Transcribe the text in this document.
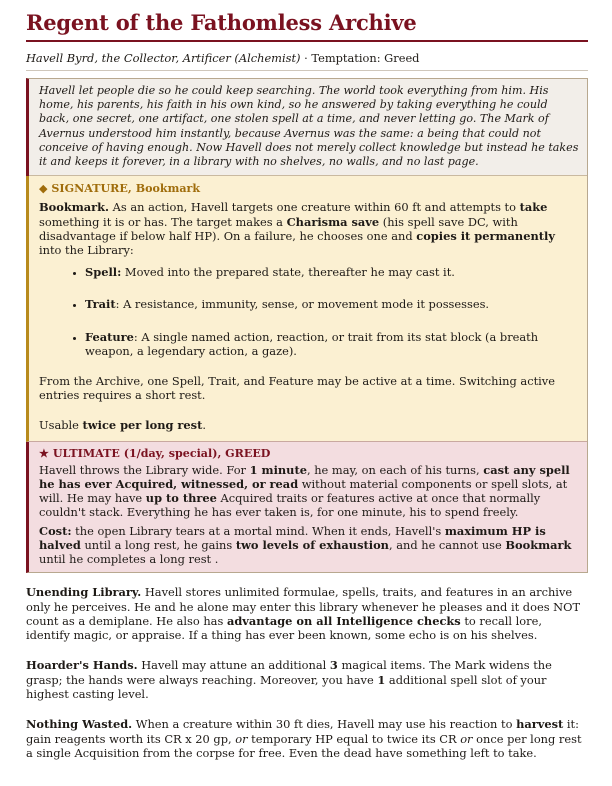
Regent of the Fathomless Archive
Havell Byrd, the Collector, Artificer (Alchemist) · Temptation: Greed
Havell let people die so he could keep searching. The world took everything from him. His home, his parents, his faith in his own kind, so he answered by taking everything he could back, one secret, one artifact, one stolen spell at a time, and never letting go. The Mark of Avernus understood him instantly, because Avernus was the same: a being that could not conceive of having enough. Now Havell does not merely collect knowledge but instead he takes it and keeps it forever, in a library with no shelves, no walls, and no last page.
◆ SIGNATURE, Bookmark

Bookmark. As an action, Havell targets one creature within 60 ft and attempts to take something it is or has. The target makes a Charisma save (his spell save DC, with disadvantage if below half HP). On a failure, he chooses one and copies it permanently into the Library:

• Spell: Moved into the prepared state, thereafter he may cast it.
• Trait: A resistance, immunity, sense, or movement mode it possesses.
• Feature: A single named action, reaction, or trait from its stat block (a breath weapon, a legendary action, a gaze).

From the Archive, one Spell, Trait, and Feature may be active at a time. Switching active entries requires a short rest.

Usable twice per long rest.

★ ULTIMATE (1/day, special), GREED

Havell throws the Library wide. For 1 minute, he may, on each of his turns, cast any spell he has ever Acquired, witnessed, or read without material components or spell slots, at will. He may have up to three Acquired traits or features active at once that normally couldn't stack. Everything he has ever taken is, for one minute, his to spend freely.

Cost: the open Library tears at a mortal mind. When it ends, Havell's maximum HP is halved until a long rest, he gains two levels of exhaustion, and he cannot use Bookmark until he completes a long rest .

Unending Library. Havell stores unlimited formulae, spells, traits, and features in an archive only he perceives. He and he alone may enter this library whenever he pleases and it does NOT count as a demiplane. He also has advantage on all Intelligence checks to recall lore, identify magic, or appraise. If a thing has ever been known, some echo is on his shelves.

Hoarder's Hands. Havell may attune an additional 3 magical items. The Mark widens the grasp; the hands were always reaching. Moreover, you have 1 additional spell slot of your highest casting level.

Nothing Wasted. When a creature within 30 ft dies, Havell may use his reaction to harvest it: gain reagents worth its CR x 20 gp, or temporary HP equal to twice its CR or once per long rest a single Acquisition from the corpse for free. Even the dead have something left to take.
